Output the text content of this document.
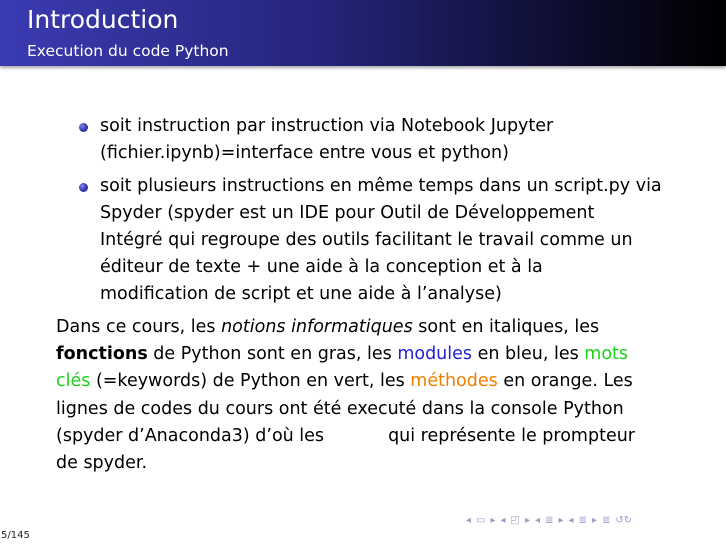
Introduction
Execution du code Python
soit instruction par instruction via Notebook Jupyter
(fichier.ipynb)=interface entre vous et python)
soit plusieurs instructions en même temps dans un script.py via
Spyder (spyder est un IDE pour Outil de Développement
Intégré qui regroupe des outils facilitant le travail comme un
éditeur de texte + une aide à la conception et à la
modification de script et une aide à l’analyse)
Dans ce cours, les notions informatiques sont en italiques, les
fonctions de Python sont en gras, les modules en bleu, les mots
clés (=keywords) de Python en vert, les méthodes en orange. Les
lignes de codes du cours ont été executé dans la console Python
(spyder d’Anaconda3) d’où les	qui représente le prompteur
de spyder.
5/145
◂ ▭ ▸ ◂ ◰ ▸ ◂ ≣ ▸ ◂ ≣ ▸ ≣ ↺↻
